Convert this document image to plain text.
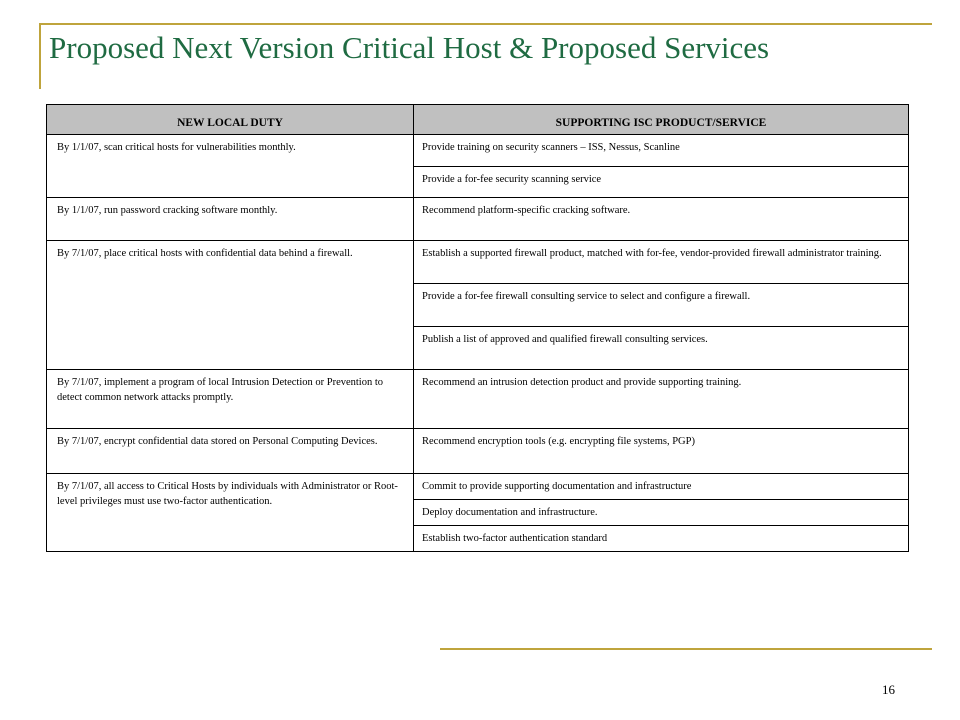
Proposed Next Version Critical Host & Proposed Services
NEW LOCAL DUTY	SUPPORTING ISC PRODUCT/SERVICE
By 1/1/07, scan critical hosts for vulnerabilities monthly.	Provide training on security scanners – ISS, Nessus, Scanline
	Provide a for-fee security scanning service
By 1/1/07, run password cracking software monthly.	Recommend platform-specific cracking software.
By 7/1/07, place critical hosts with confidential data behind a firewall.	Establish a supported firewall product, matched with for-fee, vendor-provided firewall administrator training.
	Provide a for-fee firewall consulting service to select and configure a firewall.
	Publish a list of approved and qualified firewall consulting services.
By 7/1/07, implement a program of local Intrusion Detection or Prevention to detect common network attacks promptly.	Recommend an intrusion detection product and provide supporting training.
By 7/1/07, encrypt confidential data stored on Personal Computing Devices.	Recommend encryption tools (e.g. encrypting file systems, PGP)
By 7/1/07, all access to Critical Hosts by individuals with Administrator or Root-level privileges must use two-factor authentication.	Commit to provide supporting documentation and infrastructure
	Deploy documentation and infrastructure.
	Establish two-factor authentication standard
16
